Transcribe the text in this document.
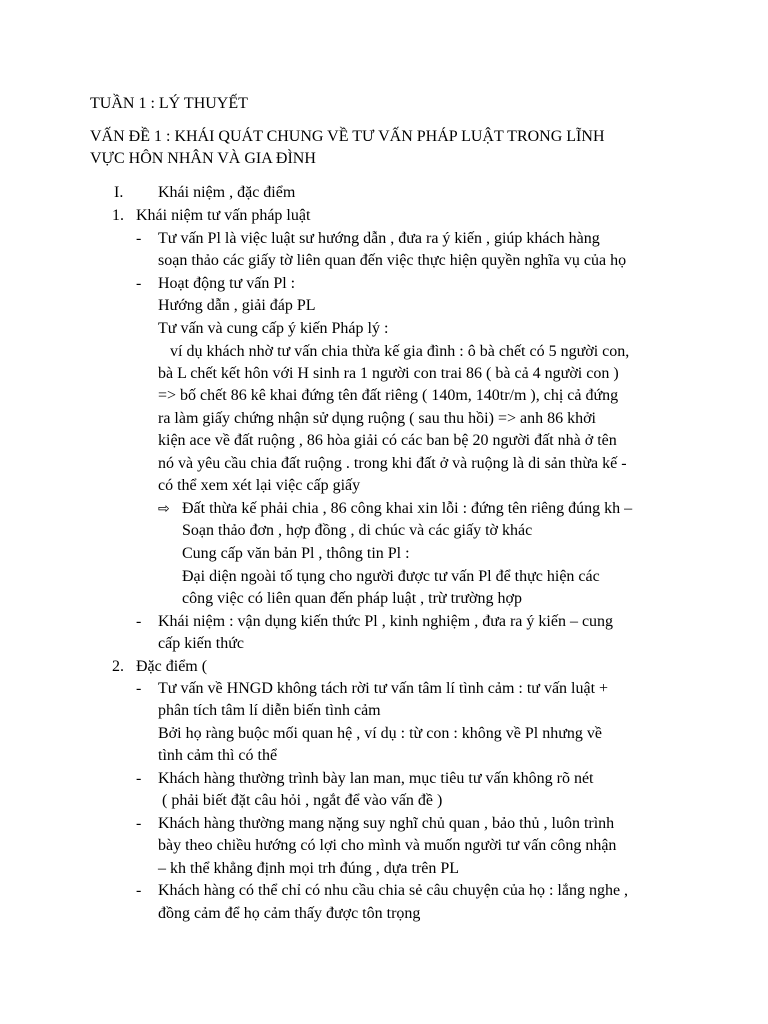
TUẦN 1 : LÝ THUYẾT
VẤN ĐỀ 1 : KHÁI QUÁT CHUNG VỀ TƯ VẤN PHÁP LUẬT TRONG LĨNH
VỰC HÔN NHÂN VÀ GIA ĐÌNH
I. Khái niệm , đặc điểm
1. Khái niệm tư vấn pháp luật
- Tư vấn Pl là việc luật sư hướng dẫn , đưa ra ý kiến , giúp khách hàng
soạn thảo các giấy tờ liên quan đến việc thực hiện quyền nghĩa vụ của họ
- Hoạt động tư vấn Pl :
Hướng dẫn , giải đáp PL
Tư vấn và cung cấp ý kiến Pháp lý :
ví dụ khách nhờ tư vấn chia thừa kế gia đình : ô bà chết có 5 người con,
bà L chết kết hôn với H sinh ra 1 người con trai 86 ( bà cả 4 người con )
=> bố chết 86 kê khai đứng tên đất riêng ( 140m, 140tr/m ), chị cả đứng
ra làm giấy chứng nhận sử dụng ruộng ( sau thu hồi) => anh 86 khởi
kiện ace về đất ruộng , 86 hòa giải có các ban bệ 20 người đất nhà ở tên
nó và yêu cầu chia đất ruộng . trong khi đất ở và ruộng là di sản thừa kế -
có thể xem xét lại việc cấp giấy
⇨ Đất thừa kế phải chia , 86 công khai xin lỗi : đứng tên riêng đúng kh –
Soạn thảo đơn , hợp đồng , di chúc và các giấy tờ khác
Cung cấp văn bản Pl , thông tin Pl :
Đại diện ngoài tố tụng cho người được tư vấn Pl để thực hiện các
công việc có liên quan đến pháp luật , trừ trường hợp
- Khái niệm : vận dụng kiến thức Pl , kinh nghiệm , đưa ra ý kiến – cung
cấp kiến thức
2. Đặc điểm (
- Tư vấn về HNGD không tách rời tư vấn tâm lí tình cảm : tư vấn luật +
phân tích tâm lí diễn biến tình cảm
Bởi họ ràng buộc mối quan hệ , ví dụ : từ con : không về Pl nhưng về
tình cảm thì có thể
- Khách hàng thường trình bày lan man, mục tiêu tư vấn không rõ nét
( phải biết đặt câu hỏi , ngắt để vào vấn đề )
- Khách hàng thường mang nặng suy nghĩ chủ quan , bảo thủ , luôn trình
bày theo chiều hướng có lợi cho mình và muốn người tư vấn công nhận
– kh thể khẳng định mọi trh đúng , dựa trên PL
- Khách hàng có thể chỉ có nhu cầu chia sẻ câu chuyện của họ : lắng nghe ,
đồng cảm để họ cảm thấy được tôn trọng
